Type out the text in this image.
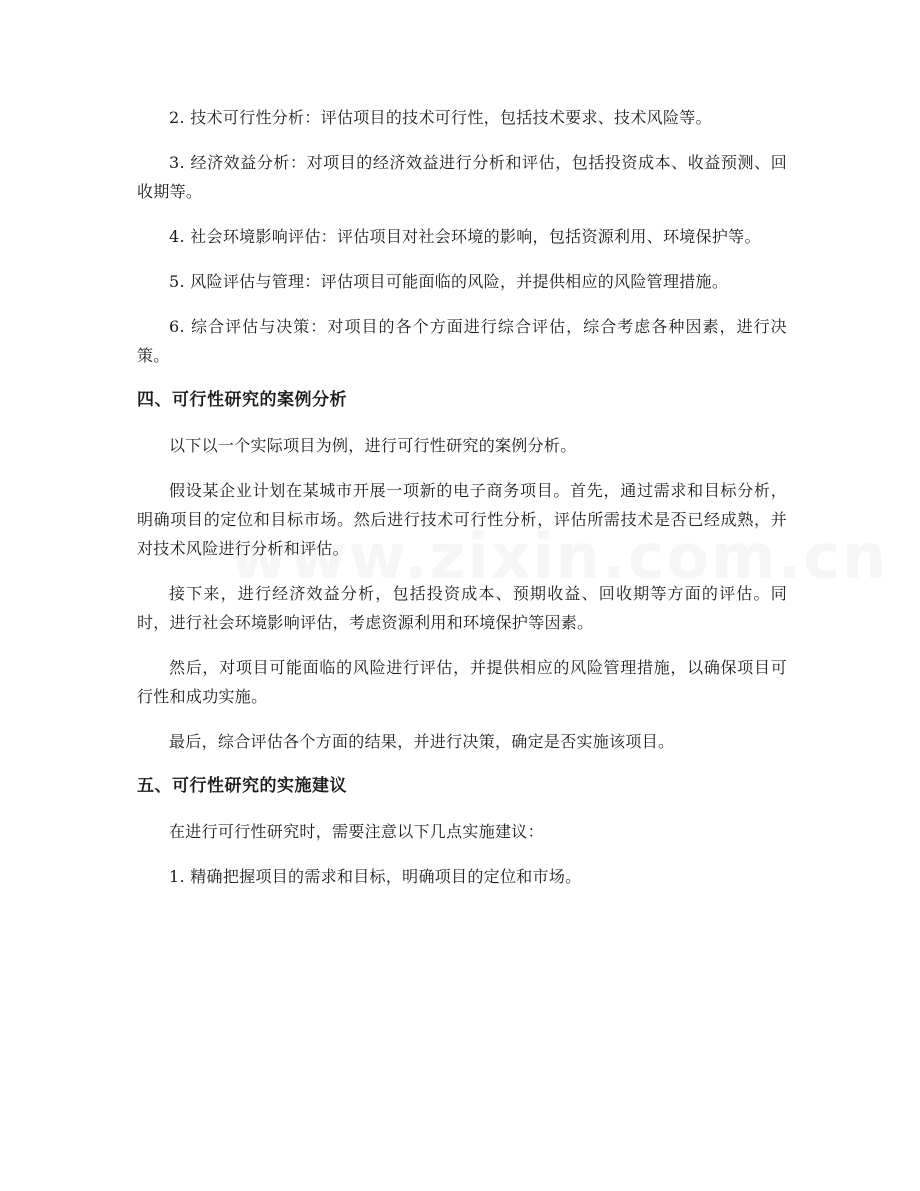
2. 技术可行性分析：评估项目的技术可行性，包括技术要求、技术风险等。

3. 经济效益分析：对项目的经济效益进行分析和评估，包括投资成本、收益预测、回收期等。

4. 社会环境影响评估：评估项目对社会环境的影响，包括资源利用、环境保护等。

5. 风险评估与管理：评估项目可能面临的风险，并提供相应的风险管理措施。

6. 综合评估与决策：对项目的各个方面进行综合评估，综合考虑各种因素，进行决策。

四、可行性研究的案例分析

以下以一个实际项目为例，进行可行性研究的案例分析。

假设某企业计划在某城市开展一项新的电子商务项目。首先，通过需求和目标分析，明确项目的定位和目标市场。然后进行技术可行性分析，评估所需技术是否已经成熟，并对技术风险进行分析和评估。

接下来，进行经济效益分析，包括投资成本、预期收益、回收期等方面的评估。同时，进行社会环境影响评估，考虑资源利用和环境保护等因素。

然后，对项目可能面临的风险进行评估，并提供相应的风险管理措施，以确保项目可行性和成功实施。

最后，综合评估各个方面的结果，并进行决策，确定是否实施该项目。

五、可行性研究的实施建议

在进行可行性研究时，需要注意以下几点实施建议：

1. 精确把握项目的需求和目标，明确项目的定位和市场。
